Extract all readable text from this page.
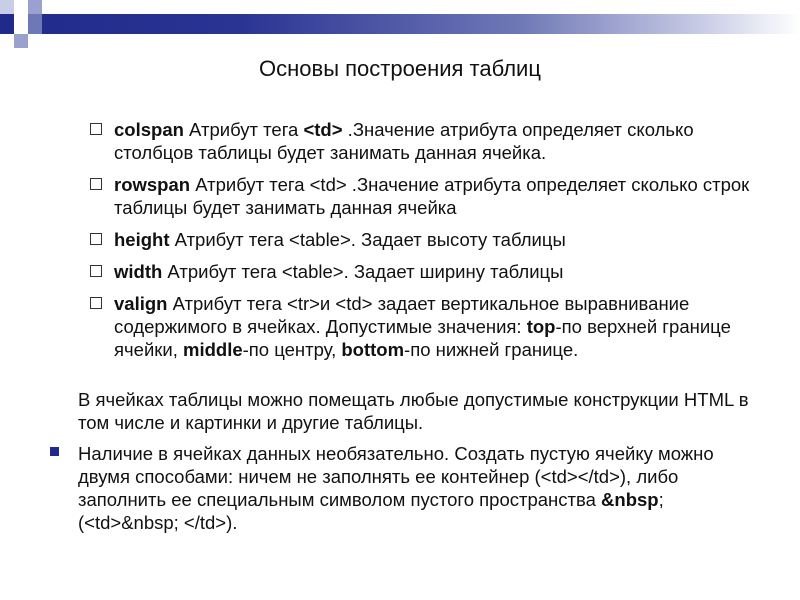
Основы построения таблиц
colspan Атрибут тега <td> .Значение атрибута определяет сколько столбцов таблицы будет занимать данная ячейка.
rowspan Атрибут тега <td> .Значение атрибута определяет сколько строк таблицы будет занимать данная ячейка
height Атрибут тега <table>. Задает высоту таблицы
width Атрибут тега <table>. Задает ширину таблицы
valign Атрибут тега <tr>и <td> задает вертикальное выравнивание содержимого в ячейках. Допустимые значения: top-по верхней границе ячейки, middle-по центру, bottom-по нижней границе.
В ячейках таблицы можно помещать любые допустимые конструкции HTML в том числе и картинки и другие таблицы.
Наличие в ячейках данных необязательно. Создать пустую ячейку можно двумя способами: ничем не заполнять ее контейнер (<td></td>), либо заполнить ее специальным символом пустого пространства &nbsp; (<td>&nbsp; </td>).
